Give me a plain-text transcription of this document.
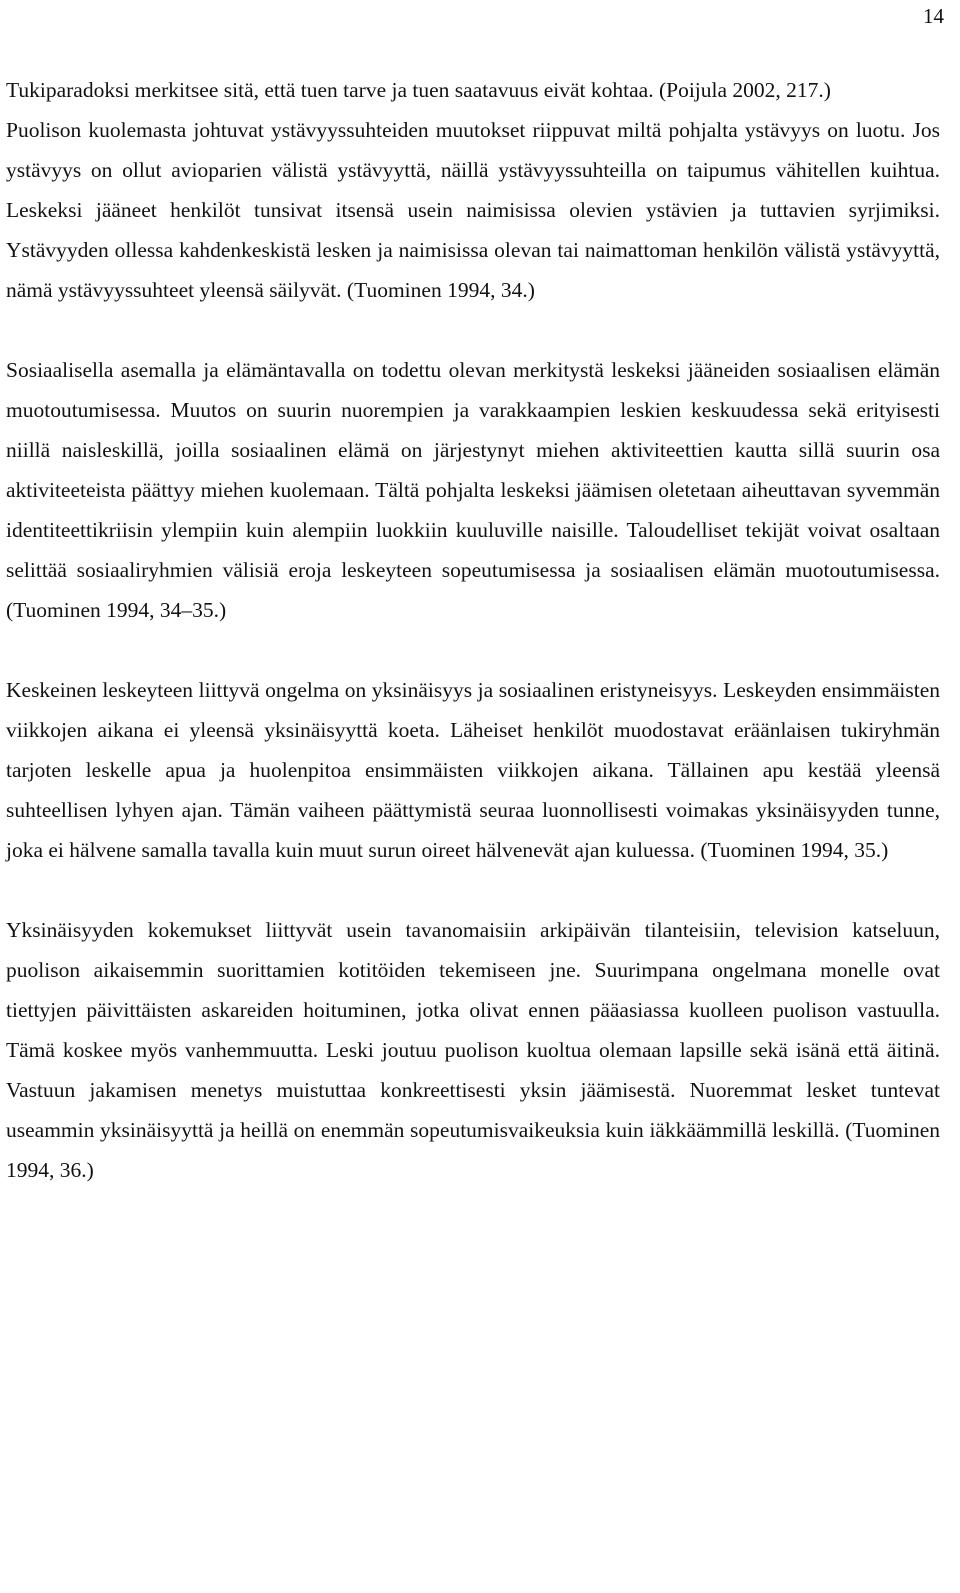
14

Tukiparadoksi merkitsee sitä, että tuen tarve ja tuen saatavuus eivät kohtaa. (Poijula 2002, 217.)

Puolison kuolemasta johtuvat ystävyyssuhteiden muutokset riippuvat miltä pohjalta ystävyys on luotu. Jos ystävyys on ollut avioparien välistä ystävyyttä, näillä ystävyyssuhteilla on taipumus vähitellen kuihtua. Leskeksi jääneet henkilöt tunsivat itsensä usein naimisissa olevien ystävien ja tuttavien syrjimiksi. Ystävyyden ollessa kahdenkeskistä lesken ja naimisissa olevan tai naimattoman henkilön välistä ystävyyttä, nämä ystävyyssuhteet yleensä säilyvät. (Tuominen 1994, 34.)

Sosiaalisella asemalla ja elämäntavalla on todettu olevan merkitystä leskeksi jääneiden sosiaalisen elämän muotoutumisessa. Muutos on suurin nuorempien ja varakkaampien leskien keskuudessa sekä erityisesti niillä naisleskillä, joilla sosiaalinen elämä on järjestynyt miehen aktiviteettien kautta sillä suurin osa aktiviteeteista päättyy miehen kuolemaan. Tältä pohjalta leskeksi jäämisen oletetaan aiheuttavan syvemmän identiteettikriisin ylempiin kuin alempiin luokkiin kuuluville naisille. Taloudelliset tekijät voivat osaltaan selittää sosiaaliryhmien välisiä eroja leskeyteen sopeutumisessa ja sosiaalisen elämän muotoutumisessa. (Tuominen 1994, 34–35.)

Keskeinen leskeyteen liittyvä ongelma on yksinäisyys ja sosiaalinen eristyneisyys. Leskeyden ensimmäisten viikkojen aikana ei yleensä yksinäisyyttä koeta. Läheiset henkilöt muodostavat eräänlaisen tukiryhmän tarjoten leskelle apua ja huolenpitoa ensimmäisten viikkojen aikana. Tällainen apu kestää yleensä suhteellisen lyhyen ajan. Tämän vaiheen päättymistä seuraa luonnollisesti voimakas yksinäisyyden tunne, joka ei hälvene samalla tavalla kuin muut surun oireet hälvenevät ajan kuluessa. (Tuominen 1994, 35.)

Yksinäisyyden kokemukset liittyvät usein tavanomaisiin arkipäivän tilanteisiin, television katseluun, puolison aikaisemmin suorittamien kotitöiden tekemiseen jne. Suurimpana ongelmana monelle ovat tiettyjen päivittäisten askareiden hoituminen, jotka olivat ennen pääasiassa kuolleen puolison vastuulla. Tämä koskee myös vanhemmuutta. Leski joutuu puolison kuoltua olemaan lapsille sekä isänä että äitinä. Vastuun jakamisen menetys muistuttaa konkreettisesti yksin jäämisestä. Nuoremmat lesket tuntevat useammin yksinäisyyttä ja heillä on enemmän sopeutumisvaikeuksia kuin iäkkäämmillä leskillä. (Tuominen 1994, 36.)
